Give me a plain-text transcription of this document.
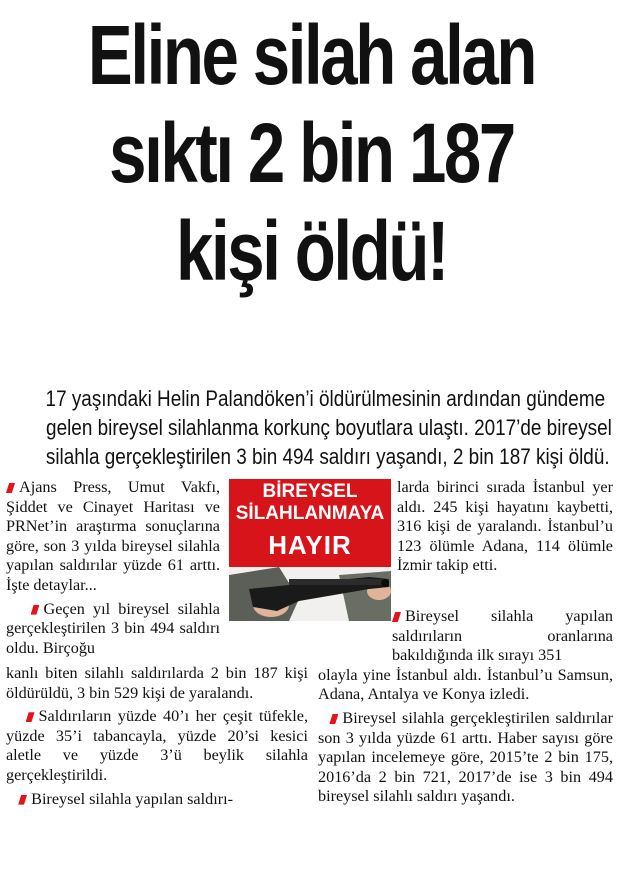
Eline silah alan
sıktı 2 bin 187
kişi öldü!
17 yaşındaki Helin Palandöken’i öldürülmesinin ardından gündeme
gelen bireysel silahlanma korkunç boyutlara ulaştı. 2017’de bireysel
silahla gerçekleştirilen 3 bin 494 saldırı yaşandı, 2 bin 187 kişi öldü.

Ajans Press, Umut Vakfı, Şiddet ve Cinayet Haritası ve PRNet’in araştırma sonuçlarına göre, son 3 yılda bireysel silahla yapılan saldırılar yüzde 61 arttı. İşte detaylar...

Geçen yıl bireysel silahla gerçekleştirilen 3 bin 494 saldırı oldu. Birçoğu

kanlı biten silahlı saldırılarda 2 bin 187 kişi öldürüldü, 3 bin 529 kişi de yaralandı.

Saldırıların yüzde 40’ı her çeşit tüfekle, yüzde 35’i tabancayla, yüzde 20’si kesici aletle ve yüzde 3’ü beylik silahla gerçekleştirildi.

Bireysel silahla yapılan saldırı-

BİREYSEL
SİLAHLANMAYA
HAYIR

larda birinci sırada İstanbul yer aldı. 245 kişi hayatını kaybetti, 316 kişi de yaralandı. İstanbul’u 123 ölümle Adana, 114 ölümle İzmir takip etti.

Bireysel silahla yapılan saldırıların oranlarına bakıldığında ilk sırayı 351

olayla yine İstanbul aldı. İstanbul’u Samsun, Adana, Antalya ve Konya izledi.

Bireysel silahla gerçekleştirilen saldırılar son 3 yılda yüzde 61 arttı. Haber sayısı göre yapılan incelemeye göre, 2015’te 2 bin 175, 2016’da 2 bin 721, 2017’de ise 3 bin 494 bireysel silahlı saldırı yaşandı.
